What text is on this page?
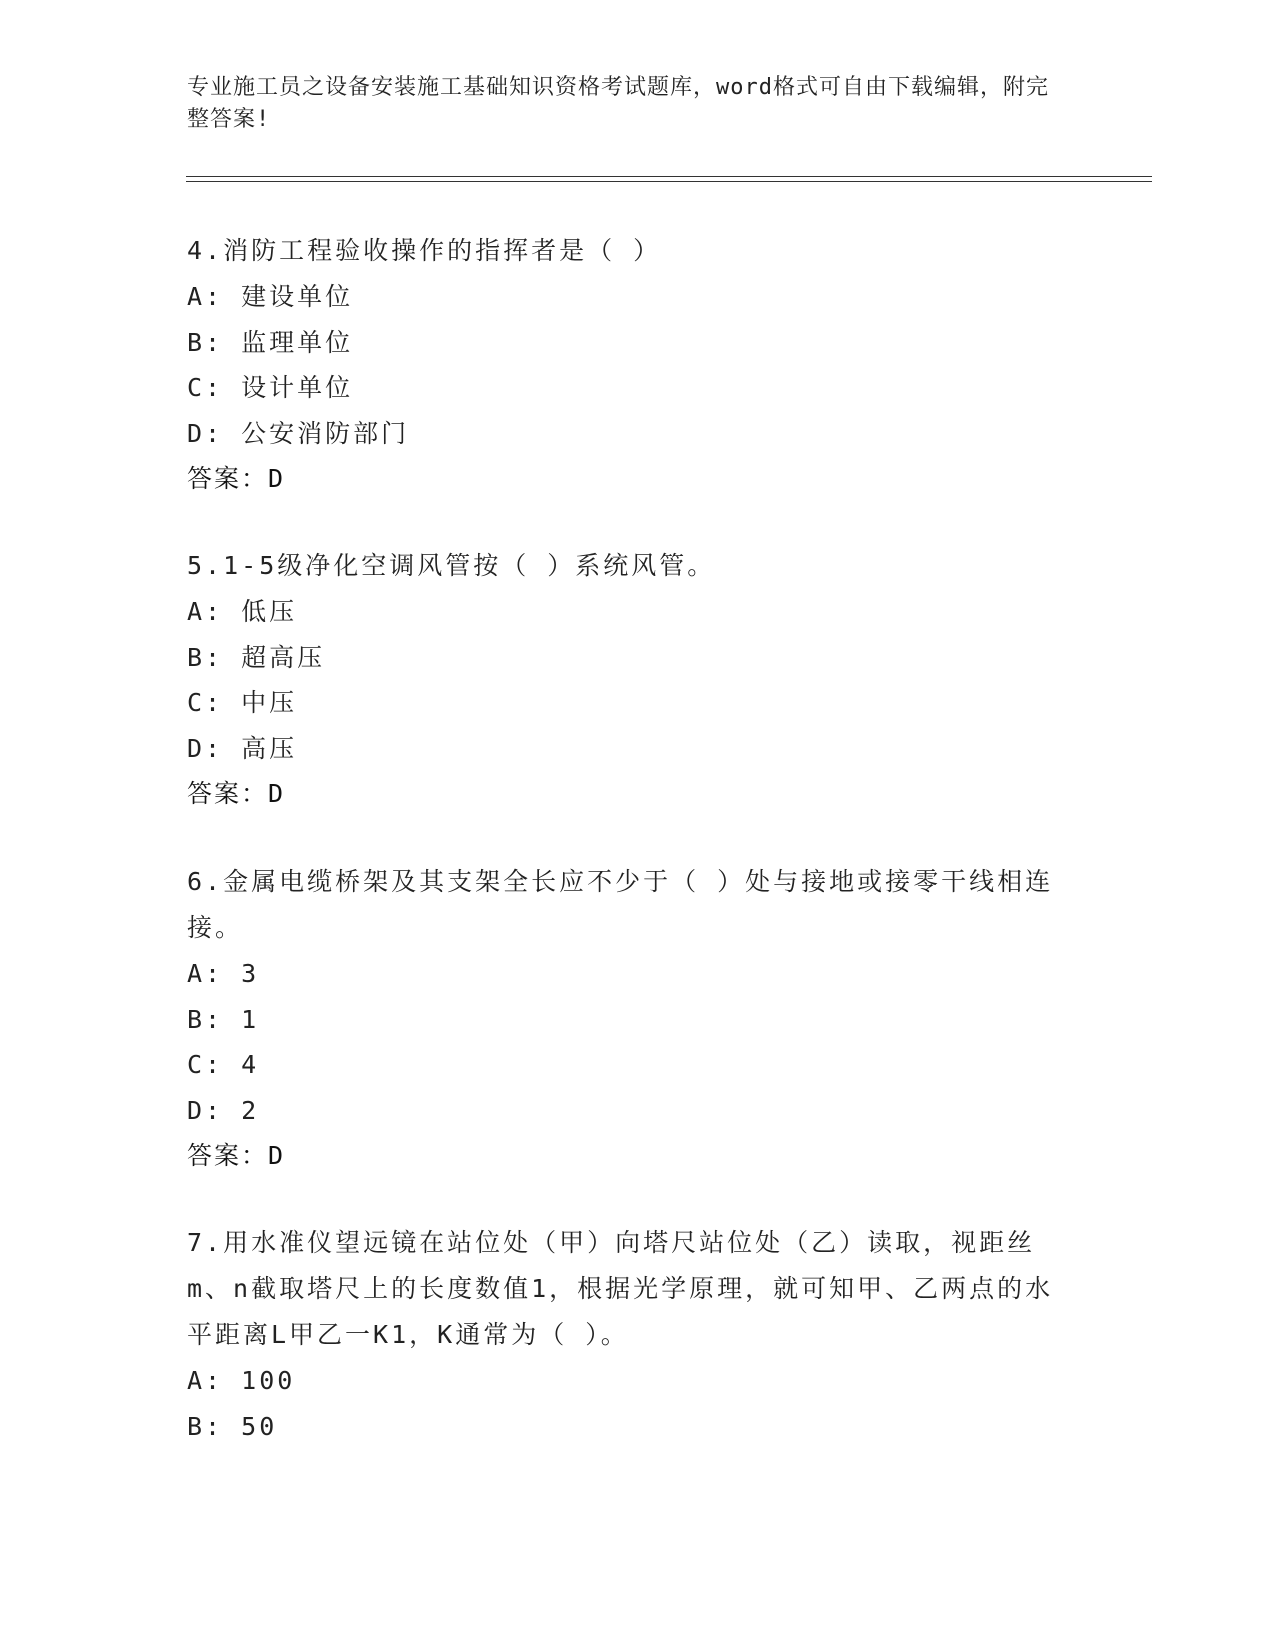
专业施工员之设备安装施工基础知识资格考试题库，word格式可自由下载编辑，附完整答案!

4.消防工程验收操作的指挥者是（ ）

A: 建设单位

B: 监理单位

C: 设计单位

D: 公安消防部门

答案：D

5.1-5级净化空调风管按（ ）系统风管。

A: 低压

B: 超高压

C: 中压

D: 高压

答案：D

6.金属电缆桥架及其支架全长应不少于（ ）处与接地或接零干线相连接。

A: 3

B: 1

C: 4

D: 2

答案：D

7.用水准仪望远镜在站位处（甲）向塔尺站位处（乙）读取，视距丝m、n截取塔尺上的长度数值1，根据光学原理，就可知甲、乙两点的水平距离L甲乙一K1，K通常为（ ）。

A: 100

B: 50
